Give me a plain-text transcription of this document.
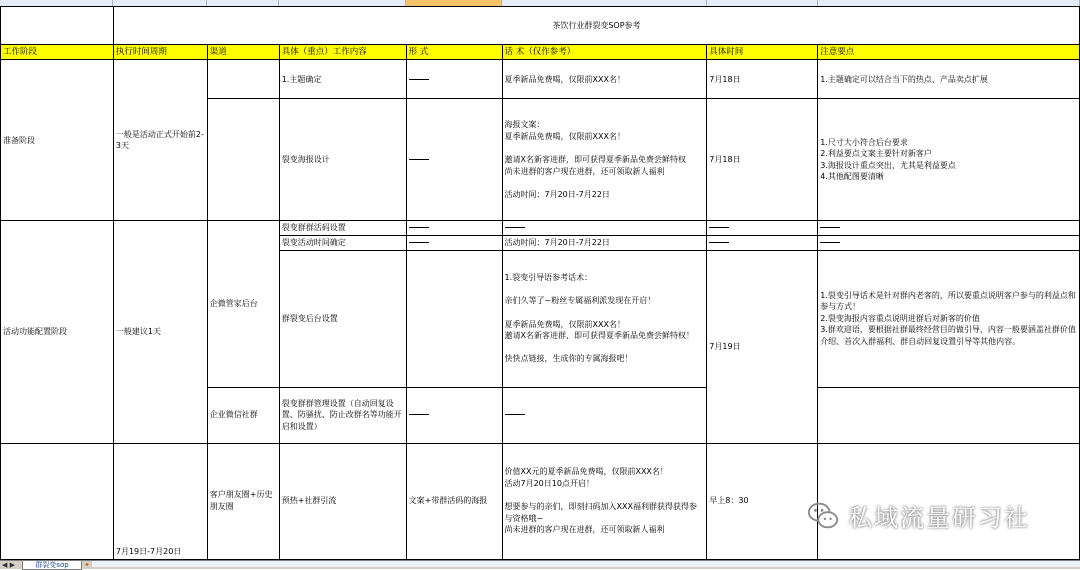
	茶饮行业群裂变SOP参考						
工作阶段	执行时间周期	渠道	具体（重点）工作内容	形 式	话 术（仅作参考）	具体时间	注意要点
准备阶段	一般是活动正式开始前2-3天		1.主题确定		夏季新品免费喝，仅限前XXX名！	7月18日	1.主题确定可以结合当下的热点、产品卖点扩展
			裂变海报设计		海报文案：
夏季新品免费喝，仅限前XXX名！

邀请X名新客进群，即可获得夏季新品免费尝鲜特权
尚未进群的客户现在进群，还可领取新人福利

活动时间：7月20日-7月22日	7月18日	1.尺寸大小符合后台要求
2.利益要点文案主要针对新客户
3.海报设计重点突出，尤其是利益要点
4.其他配图要清晰
活动功能配置阶段	一般建议1天	企微管家后台	裂变群群活码设置				
			裂变活动时间确定		活动时间：7月20日-7月22日		
			群裂变后台设置		1.裂变引导语参考话术：

亲们久等了~粉丝专属福利派发现在开启！

夏季新品免费喝，仅限前XXX名！
邀请X名新客进群，即可获得夏季新品免费尝鲜特权！

快快点链接，生成你的专属海报吧！	7月19日	1.裂变引导话术是针对群内老客的，所以要重点说明客户参与的利益点和参与方式！
2.裂变海报内容重点说明进群后对新客的价值
3.群欢迎语，要根据社群最终经营目的做引导，内容一般要涵盖社群价值介绍、首次入群福利、群自动回复设置引导等其他内容。
		企业微信社群	裂变群群管理设置（自动回复设置、防骚扰、防止改群名等功能开启和设置）				
	7月19日-7月20日	客户朋友圈+历史朋友圈	预热+社群引流	文案+带群活码的海报	价值XX元的夏季新品免费喝，仅限前XXX名！
活动7月20日10点开启！

想要参与的亲们，即刻扫码加入XXX福利群获得获得参与资格哦~
尚未进群的客户现在进群，还可领取新人福利	早上8：30	
私域流量研习社
◀ ▶	群裂变sop	✦
